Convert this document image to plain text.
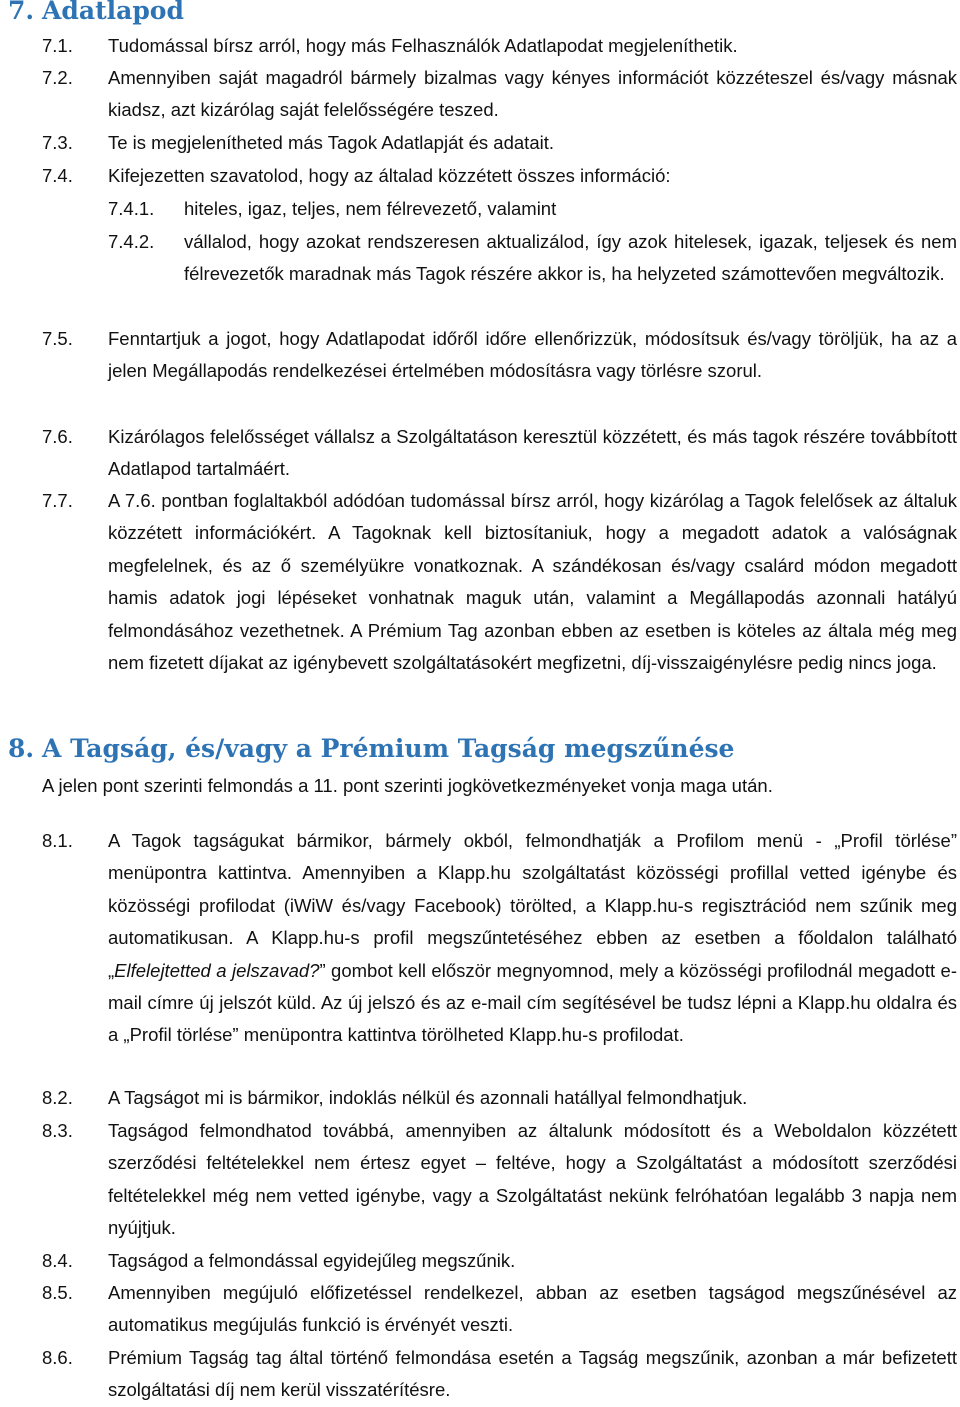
7. Adatlapod
7.1. Tudomással bírsz arról, hogy más Felhasználók Adatlapodat megjeleníthetik.
7.2. Amennyiben saját magadról bármely bizalmas vagy kényes információt közzéteszel és/vagy másnak kiadsz, azt kizárólag saját felelősségére teszed.
7.3. Te is megjelenítheted más Tagok Adatlapját és adatait.
7.4. Kifejezetten szavatolod, hogy az általad közzétett összes információ:
7.4.1. hiteles, igaz, teljes, nem félrevezető, valamint
7.4.2. vállalod, hogy azokat rendszeresen aktualizálod, így azok hitelesek, igazak, teljesek és nem félrevezetők maradnak más Tagok részére akkor is, ha helyzeted számottevően megváltozik.
7.5. Fenntartjuk a jogot, hogy Adatlapodat időről időre ellenőrizzük, módosítsuk és/vagy töröljük, ha az a jelen Megállapodás rendelkezései értelmében módosításra vagy törlésre szorul.
7.6. Kizárólagos felelősséget vállalsz a Szolgáltatáson keresztül közzétett, és más tagok részére továbbított Adatlapod tartalmáért.
7.7. A 7.6. pontban foglaltakból adódóan tudomással bírsz arról, hogy kizárólag a Tagok felelősek az általuk közzétett információkért. A Tagoknak kell biztosítaniuk, hogy a megadott adatok a valóságnak megfelelnek, és az ő személyükre vonatkoznak. A szándékosan és/vagy csalárd módon megadott hamis adatok jogi lépéseket vonhatnak maguk után, valamint a Megállapodás azonnali hatályú felmondásához vezethetnek. A Prémium Tag azonban ebben az esetben is köteles az általa még meg nem fizetett díjakat az igénybevett szolgáltatásokért megfizetni, díj-visszaigénylésre pedig nincs joga.
8. A Tagság, és/vagy a Prémium Tagság megszűnése
A jelen pont szerinti felmondás a 11. pont szerinti jogkövetkezményeket vonja maga után.
8.1. A Tagok tagságukat bármikor, bármely okból, felmondhatják a Profilom menü - „Profil törlése” menüpontra kattintva. Amennyiben a Klapp.hu szolgáltatást közösségi profillal vetted igénybe és közösségi profilodat (iWiW és/vagy Facebook) törölted, a Klapp.hu-s regisztrációd nem szűnik meg automatikusan. A Klapp.hu-s profil megszűntetéséhez ebben az esetben a főoldalon található „Elfelejtetted a jelszavad?” gombot kell először megnyomnod, mely a közösségi profilodnál megadott e-mail címre új jelszót küld. Az új jelszó és az e-mail cím segítésével be tudsz lépni a Klapp.hu oldalra és a „Profil törlése” menüpontra kattintva törölheted Klapp.hu-s profilodat.
8.2. A Tagságot mi is bármikor, indoklás nélkül és azonnali hatállyal felmondhatjuk.
8.3. Tagságod felmondhatod továbbá, amennyiben az általunk módosított és a Weboldalon közzétett szerződési feltételekkel nem értesz egyet – feltéve, hogy a Szolgáltatást a módosított szerződési feltételekkel még nem vetted igénybe, vagy a Szolgáltatást nekünk felróhatóan legalább 3 napja nem nyújtjuk.
8.4. Tagságod a felmondással egyidejűleg megszűnik.
8.5. Amennyiben megújuló előfizetéssel rendelkezel, abban az esetben tagságod megszűnésével az automatikus megújulás funkció is érvényét veszti.
8.6. Prémium Tagság tag által történő felmondása esetén a Tagság megszűnik, azonban a már befizetett szolgáltatási díj nem kerül visszatérítésre.
